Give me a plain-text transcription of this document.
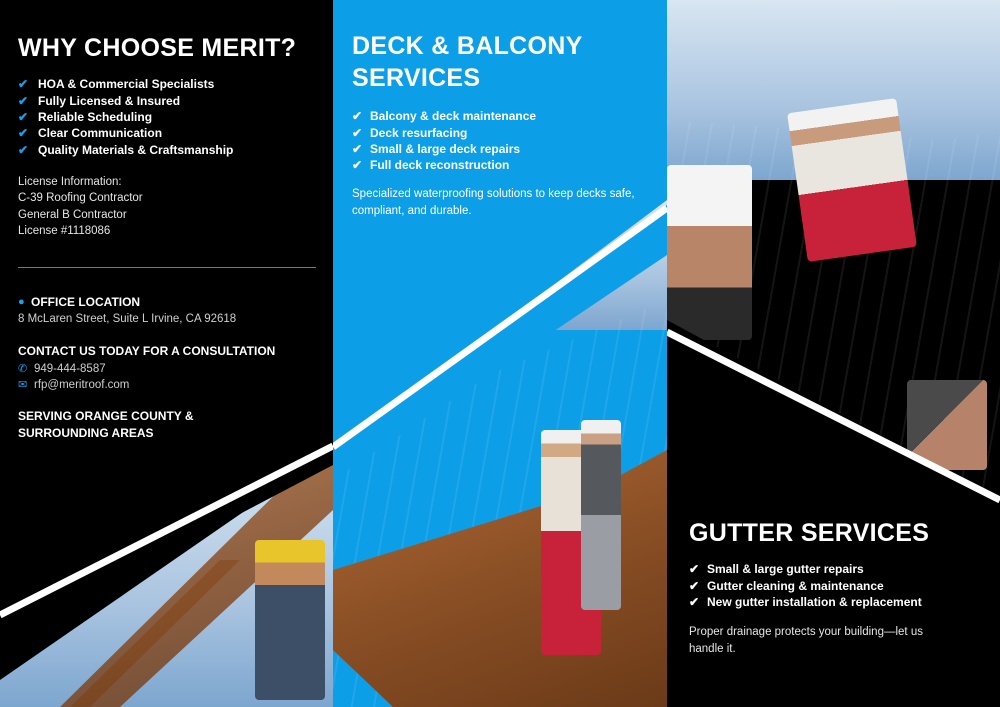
WHY CHOOSE MERIT?
✔ HOA & Commercial Specialists
✔ Fully Licensed & Insured
✔ Reliable Scheduling
✔ Clear Communication
✔ Quality Materials & Craftsmanship
License Information:
C-39 Roofing Contractor
General B Contractor
License #1118086
● OFFICE LOCATION
8 McLaren Street, Suite L Irvine, CA 92618
CONTACT US TODAY FOR A CONSULTATION
✆ 949-444-8587
✉ rfp@meritroof.com
SERVING ORANGE COUNTY & SURROUNDING AREAS
DECK & BALCONY
SERVICES
✔ Balcony & deck maintenance
✔ Deck resurfacing
✔ Small & large deck repairs
✔ Full deck reconstruction
Specialized waterproofing solutions to keep decks safe, compliant, and durable.
GUTTER SERVICES
✔ Small & large gutter repairs
✔ Gutter cleaning & maintenance
✔ New gutter installation & replacement
Proper drainage protects your building—let us handle it.
